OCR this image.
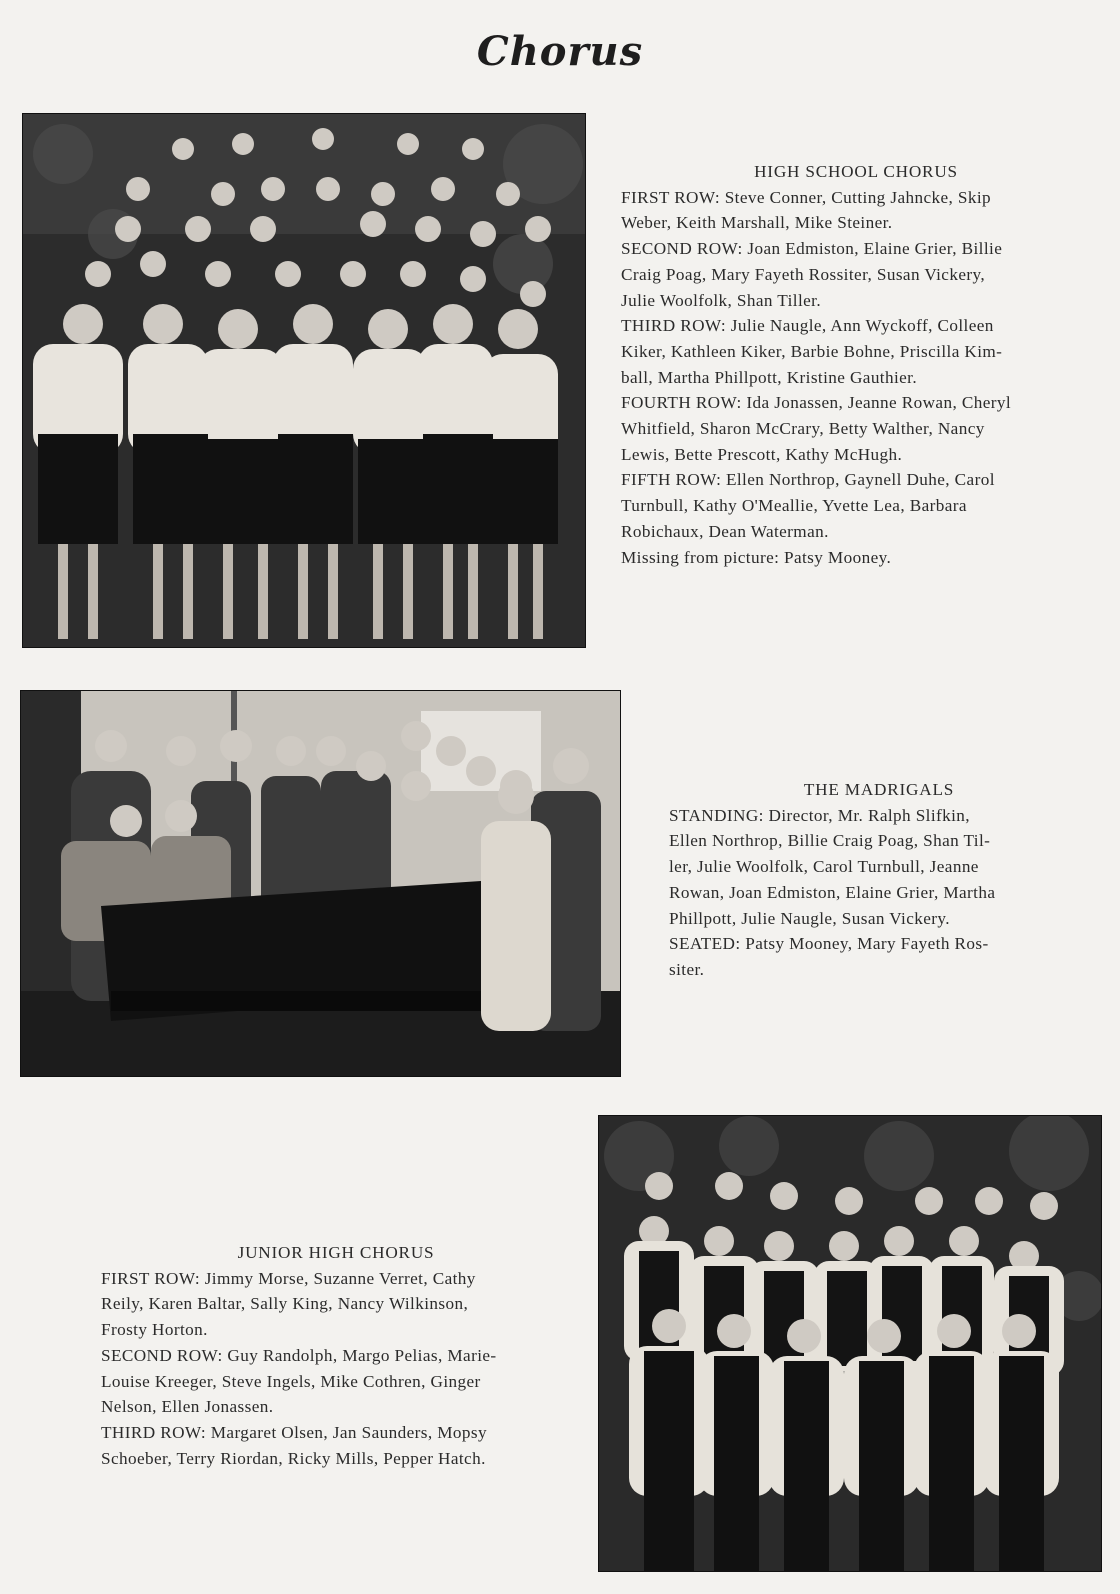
Chorus
HIGH SCHOOL CHORUS
FIRST ROW: Steve Conner, Cutting Jahncke, Skip
Weber, Keith Marshall, Mike Steiner.
SECOND ROW: Joan Edmiston, Elaine Grier, Billie
Craig Poag, Mary Fayeth Rossiter, Susan Vickery,
Julie Woolfolk, Shan Tiller.
THIRD ROW: Julie Naugle, Ann Wyckoff, Colleen
Kiker, Kathleen Kiker, Barbie Bohne, Priscilla Kim-
ball, Martha Phillpott, Kristine Gauthier.
FOURTH ROW: Ida Jonassen, Jeanne Rowan, Cheryl
Whitfield, Sharon McCrary, Betty Walther, Nancy
Lewis, Bette Prescott, Kathy McHugh.
FIFTH ROW: Ellen Northrop, Gaynell Duhe, Carol
Turnbull, Kathy O'Meallie, Yvette Lea, Barbara
Robichaux, Dean Waterman.
Missing from picture: Patsy Mooney.
THE MADRIGALS
STANDING: Director, Mr. Ralph Slifkin,
Ellen Northrop, Billie Craig Poag, Shan Til-
ler, Julie Woolfolk, Carol Turnbull, Jeanne
Rowan, Joan Edmiston, Elaine Grier, Martha
Phillpott, Julie Naugle, Susan Vickery.
SEATED: Patsy Mooney, Mary Fayeth Ros-
siter.
JUNIOR HIGH CHORUS
FIRST ROW: Jimmy Morse, Suzanne Verret, Cathy
Reily, Karen Baltar, Sally King, Nancy Wilkinson,
Frosty Horton.
SECOND ROW: Guy Randolph, Margo Pelias, Marie-
Louise Kreeger, Steve Ingels, Mike Cothren, Ginger
Nelson, Ellen Jonassen.
THIRD ROW: Margaret Olsen, Jan Saunders, Mopsy
Schoeber, Terry Riordan, Ricky Mills, Pepper Hatch.
